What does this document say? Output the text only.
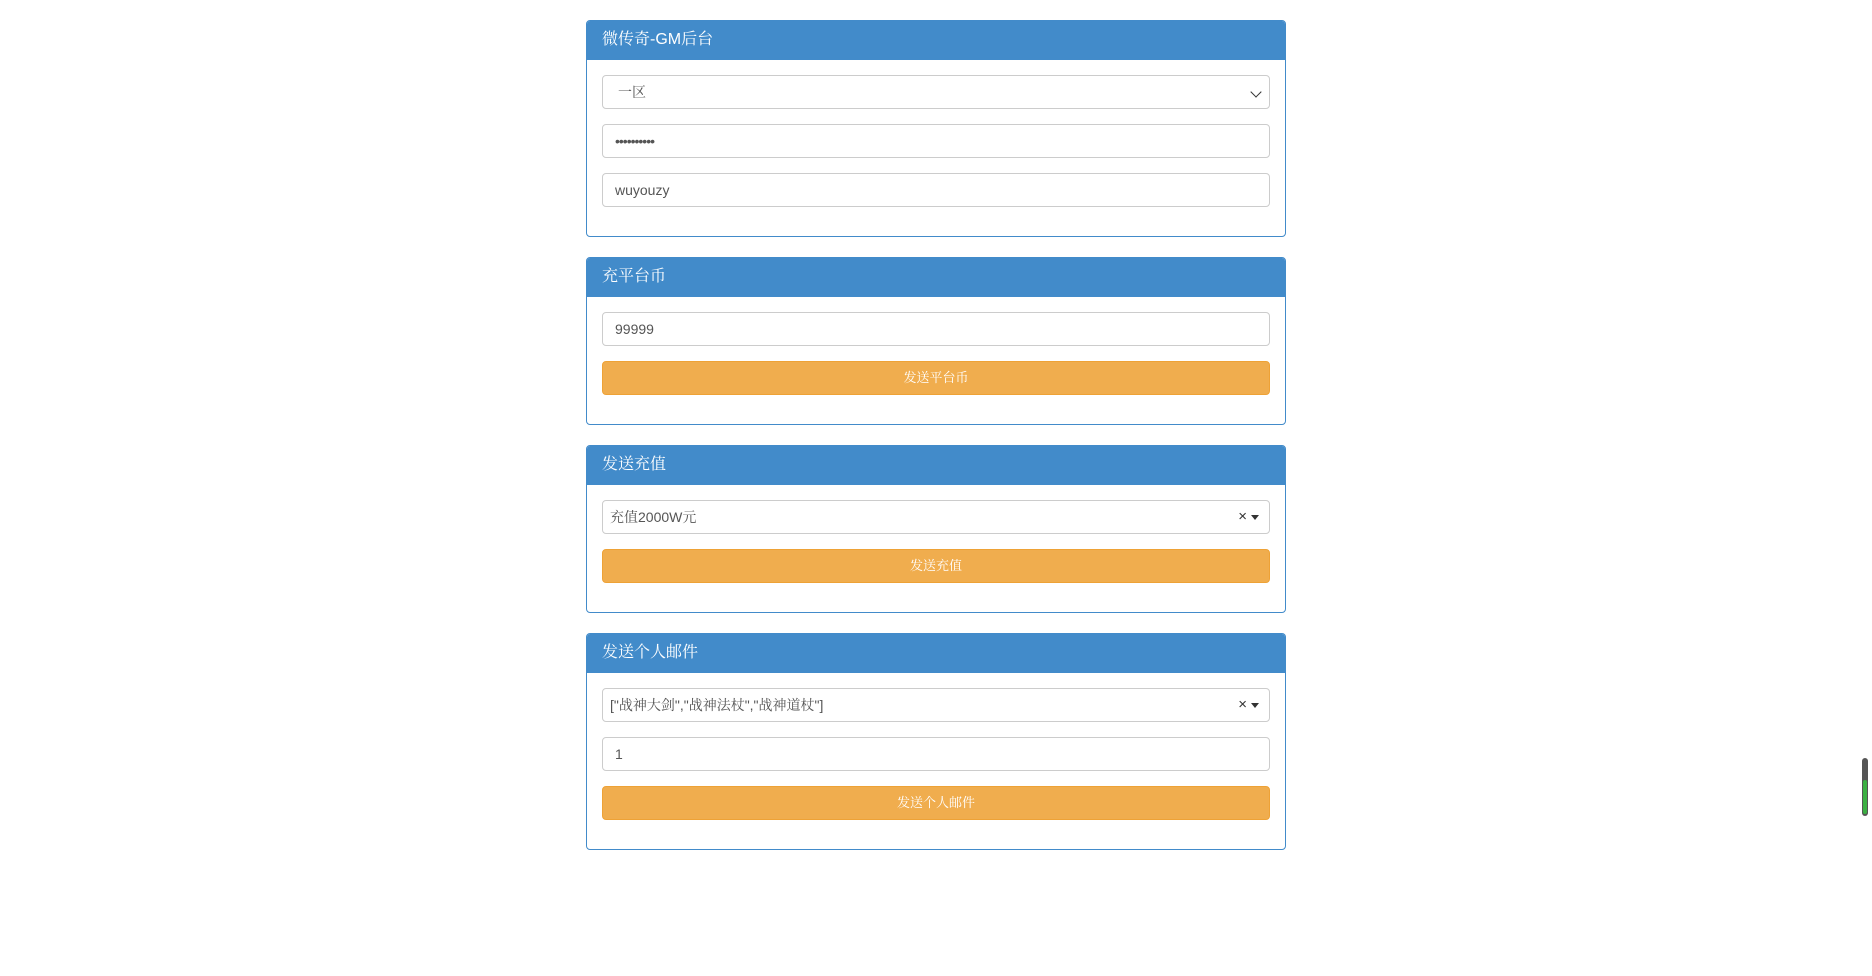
微传奇-GM后台
一区
••••••••••
wuyouzy
充平台币
99999
发送平台币
发送充值
充值2000W元	×
发送充值
发送个人邮件
["战神大剑","战神法杖","战神道杖"]	×
1
发送个人邮件
